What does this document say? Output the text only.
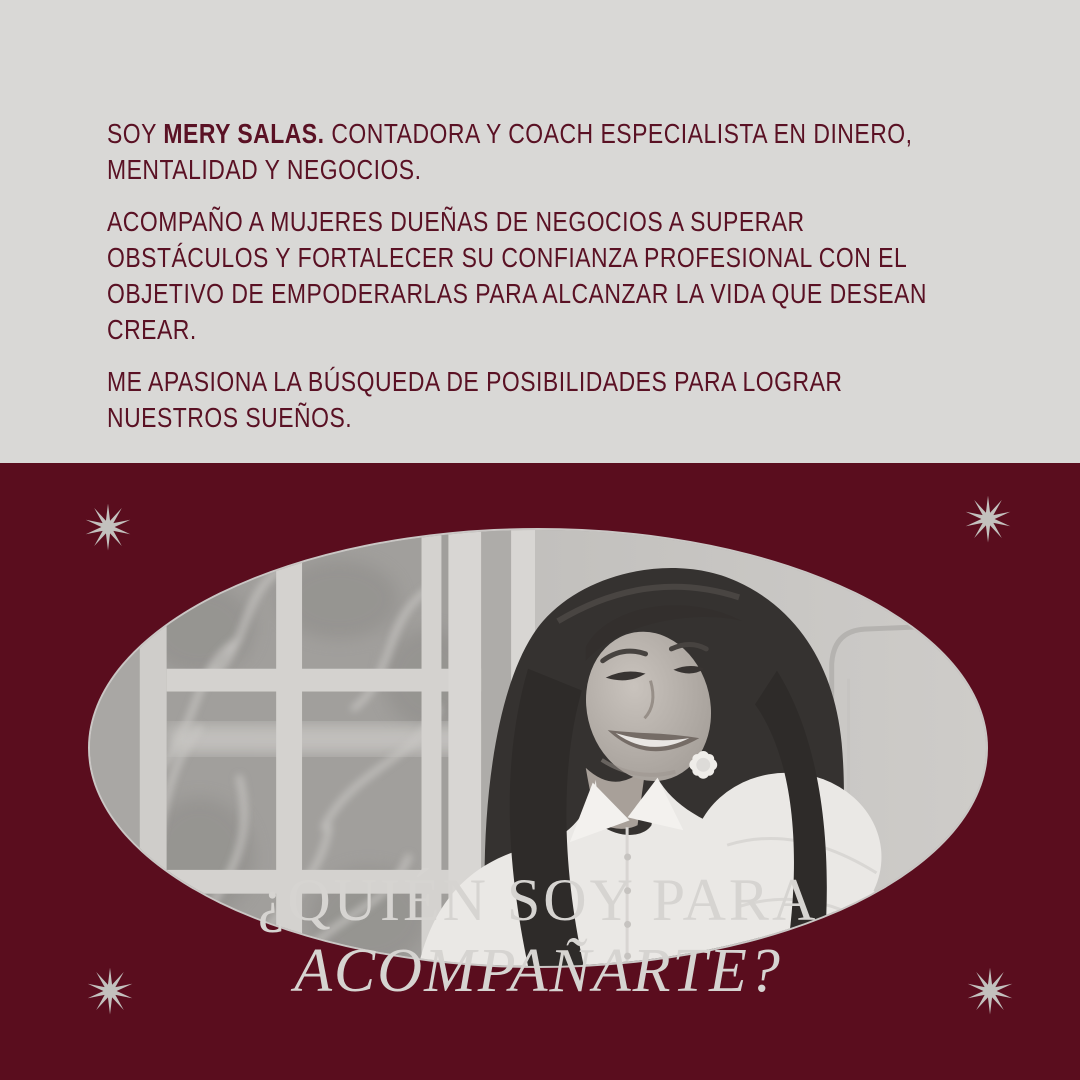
SOY MERY SALAS. CONTADORA Y COACH ESPECIALISTA EN DINERO,
MENTALIDAD Y NEGOCIOS.
ACOMPAÑO A MUJERES DUEÑAS DE NEGOCIOS A SUPERAR
OBSTÁCULOS Y FORTALECER SU CONFIANZA PROFESIONAL CON EL
OBJETIVO DE EMPODERARLAS PARA ALCANZAR LA VIDA QUE DESEAN
CREAR.
ME APASIONA LA BÚSQUEDA DE POSIBILIDADES PARA LOGRAR
NUESTROS SUEÑOS.
¿QUIÉN SOY PARA
ACOMPAÑARTE?
